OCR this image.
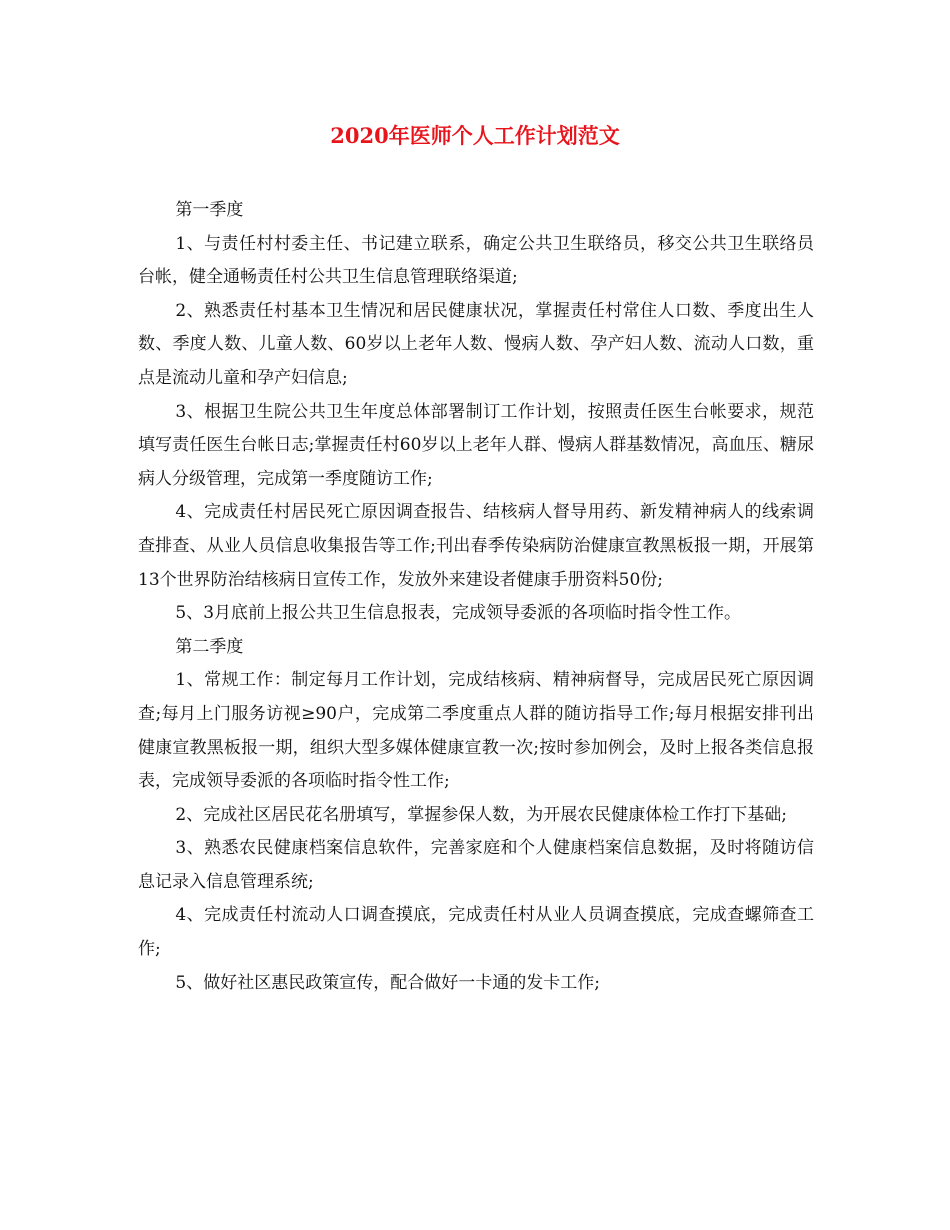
2020年医师个人工作计划范文

第一季度

1、与责任村村委主任、书记建立联系，确定公共卫生联络员，移交公共卫生联络员台帐，健全通畅责任村公共卫生信息管理联络渠道;

2、熟悉责任村基本卫生情况和居民健康状况，掌握责任村常住人口数、季度出生人数、季度人数、儿童人数、60岁以上老年人数、慢病人数、孕产妇人数、流动人口数，重点是流动儿童和孕产妇信息;

3、根据卫生院公共卫生年度总体部署制订工作计划，按照责任医生台帐要求，规范填写责任医生台帐日志;掌握责任村60岁以上老年人群、慢病人群基数情况，高血压、糖尿病人分级管理，完成第一季度随访工作;

4、完成责任村居民死亡原因调查报告、结核病人督导用药、新发精神病人的线索调查排查、从业人员信息收集报告等工作;刊出春季传染病防治健康宣教黑板报一期，开展第13个世界防治结核病日宣传工作，发放外来建设者健康手册资料50份;

5、3月底前上报公共卫生信息报表，完成领导委派的各项临时指令性工作。

第二季度

1、常规工作：制定每月工作计划，完成结核病、精神病督导，完成居民死亡原因调查;每月上门服务访视≥90户，完成第二季度重点人群的随访指导工作;每月根据安排刊出健康宣教黑板报一期，组织大型多媒体健康宣教一次;按时参加例会，及时上报各类信息报表，完成领导委派的各项临时指令性工作;

2、完成社区居民花名册填写，掌握参保人数，为开展农民健康体检工作打下基础;

3、熟悉农民健康档案信息软件，完善家庭和个人健康档案信息数据，及时将随访信息记录入信息管理系统;

4、完成责任村流动人口调查摸底，完成责任村从业人员调查摸底，完成查螺筛查工作;

5、做好社区惠民政策宣传，配合做好一卡通的发卡工作;
